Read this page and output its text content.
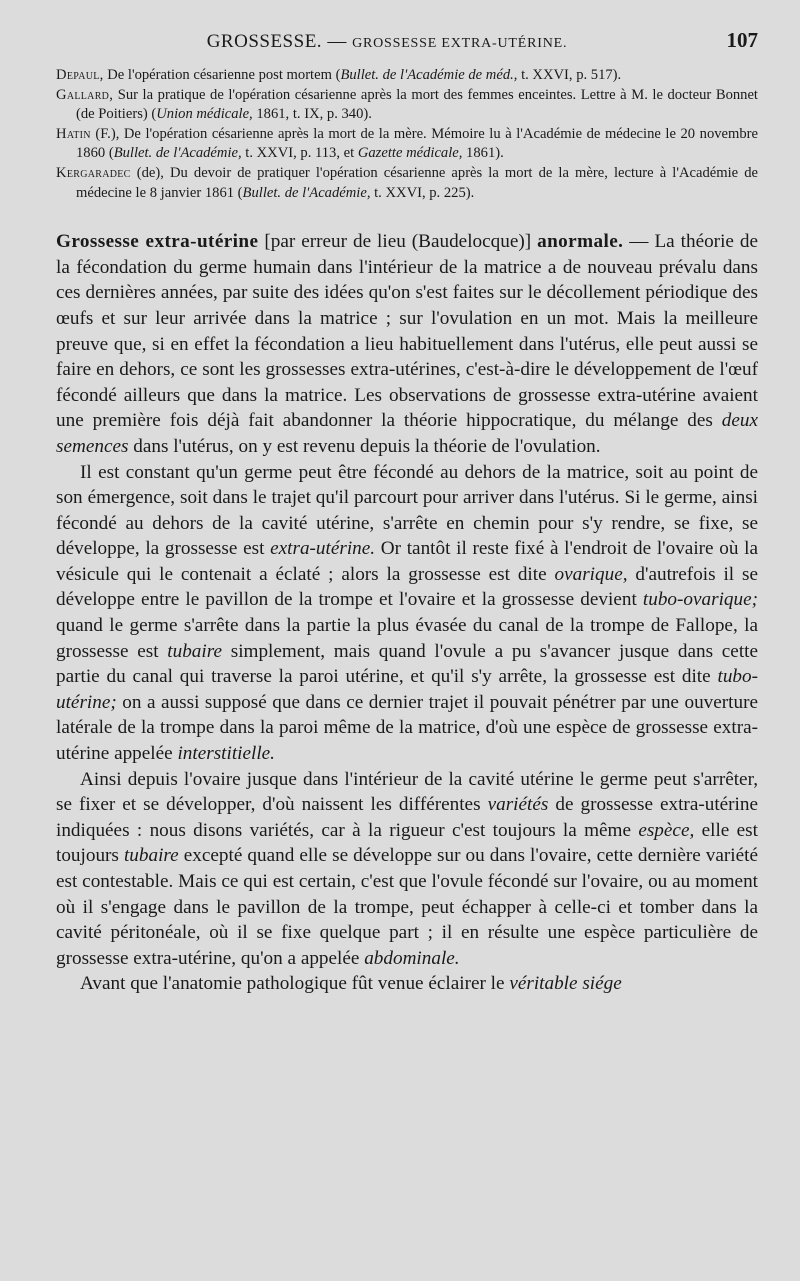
GROSSESSE. — GROSSESSE EXTRA-UTÉRINE.	107

Depaul, De l'opération césarienne post mortem (Bullet. de l'Académie de méd., t. XXVI, p. 517).

Gallard, Sur la pratique de l'opération césarienne après la mort des femmes enceintes. Lettre à M. le docteur Bonnet (de Poitiers) (Union médicale, 1861, t. IX, p. 340).

Hatin (F.), De l'opération césarienne après la mort de la mère. Mémoire lu à l'Académie de médecine le 20 novembre 1860 (Bullet. de l'Académie, t. XXVI, p. 113, et Gazette médicale, 1861).

Kergaradec (de), Du devoir de pratiquer l'opération césarienne après la mort de la mère, lecture à l'Académie de médecine le 8 janvier 1861 (Bullet. de l'Académie, t. XXVI, p. 225).

Grossesse extra-utérine [par erreur de lieu (Baudelocque)] anormale. — La théorie de la fécondation du germe humain dans l'intérieur de la matrice a de nouveau prévalu dans ces dernières années, par suite des idées qu'on s'est faites sur le décollement périodique des œufs et sur leur arrivée dans la matrice ; sur l'ovulation en un mot. Mais la meilleure preuve que, si en effet la fécondation a lieu habituellement dans l'utérus, elle peut aussi se faire en dehors, ce sont les grossesses extra-utérines, c'est-à-dire le développement de l'œuf fécondé ailleurs que dans la matrice. Les observations de grossesse extra-utérine avaient une première fois déjà fait abandonner la théorie hippocratique, du mélange des deux semences dans l'utérus, on y est revenu depuis la théorie de l'ovulation.

Il est constant qu'un germe peut être fécondé au dehors de la matrice, soit au point de son émergence, soit dans le trajet qu'il parcourt pour arriver dans l'utérus. Si le germe, ainsi fécondé au dehors de la cavité utérine, s'arrête en chemin pour s'y rendre, se fixe, se développe, la grossesse est extra-utérine. Or tantôt il reste fixé à l'endroit de l'ovaire où la vésicule qui le contenait a éclaté ; alors la grossesse est dite ovarique, d'autrefois il se développe entre le pavillon de la trompe et l'ovaire et la grossesse devient tubo-ovarique; quand le germe s'arrête dans la partie la plus évasée du canal de la trompe de Fallope, la grossesse est tubaire simplement, mais quand l'ovule a pu s'avancer jusque dans cette partie du canal qui traverse la paroi utérine, et qu'il s'y arrête, la grossesse est dite tubo-utérine; on a aussi supposé que dans ce dernier trajet il pouvait pénétrer par une ouverture latérale de la trompe dans la paroi même de la matrice, d'où une espèce de grossesse extra-utérine appelée interstitielle.

Ainsi depuis l'ovaire jusque dans l'intérieur de la cavité utérine le germe peut s'arrêter, se fixer et se développer, d'où naissent les différentes variétés de grossesse extra-utérine indiquées : nous disons variétés, car à la rigueur c'est toujours la même espèce, elle est toujours tubaire excepté quand elle se développe sur ou dans l'ovaire, cette dernière variété est contestable. Mais ce qui est certain, c'est que l'ovule fécondé sur l'ovaire, ou au moment où il s'engage dans le pavillon de la trompe, peut échapper à celle-ci et tomber dans la cavité péritonéale, où il se fixe quelque part ; il en résulte une espèce particulière de grossesse extra-utérine, qu'on a appelée abdominale.

Avant que l'anatomie pathologique fût venue éclairer le véritable siége
